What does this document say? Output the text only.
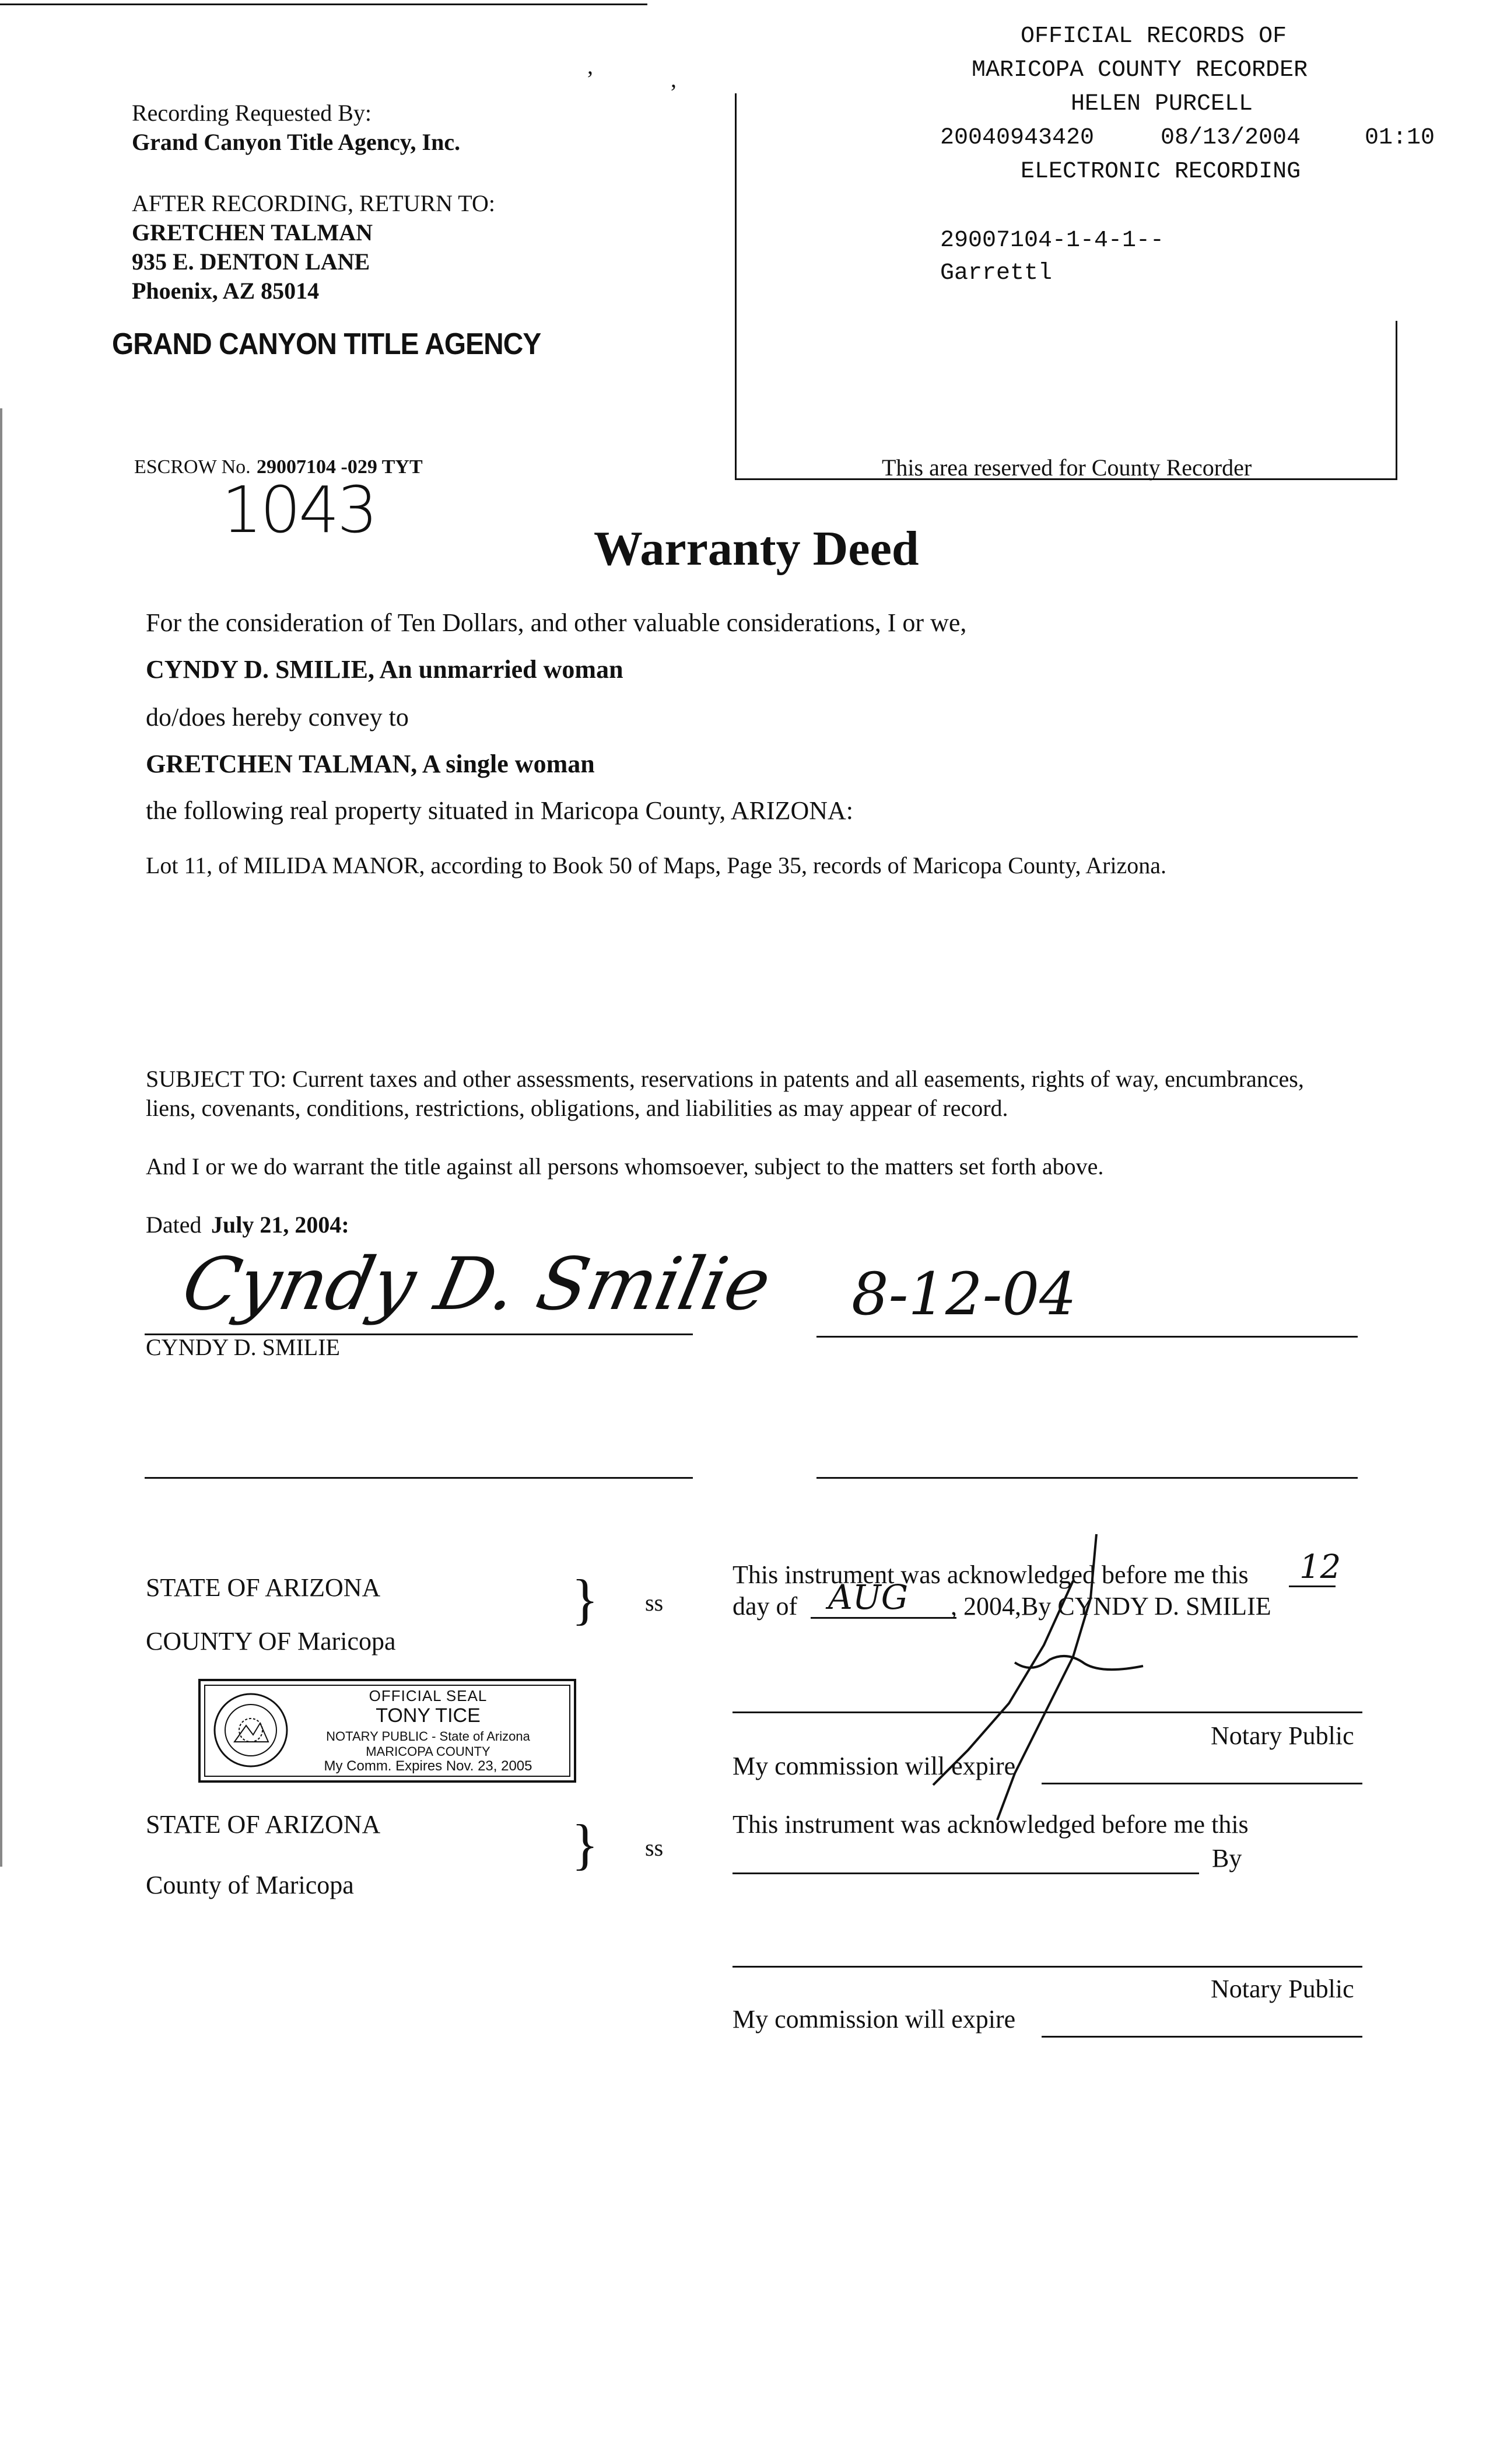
’	‚
OFFICIAL RECORDS OF
MARICOPA COUNTY RECORDER
HELEN PURCELL
20040943420	08/13/2004	01:10
ELECTRONIC RECORDING
29007104-1-4-1--
Garrettl
This area reserved for County Recorder
Recording Requested By:
Grand Canyon Title Agency, Inc.
AFTER RECORDING, RETURN TO:
GRETCHEN TALMAN
935 E. DENTON LANE
Phoenix, AZ 85014
GRAND CANYON TITLE AGENCY
ESCROW No. 29007104 -029 TYT
1043
Warranty Deed
For the consideration of Ten Dollars, and other valuable considerations, I or we,
CYNDY D. SMILIE, An unmarried woman
do/does hereby convey to
GRETCHEN TALMAN, A single woman
the following real property situated in Maricopa County, ARIZONA:
Lot 11, of MILIDA MANOR, according to Book 50 of Maps, Page 35, records of Maricopa County, Arizona.
SUBJECT TO: Current taxes and other assessments, reservations in patents and all easements, rights of way, encumbrances,
liens, covenants, conditions, restrictions, obligations, and liabilities as may appear of record.
And I or we do warrant the title against all persons whomsoever, subject to the matters set forth above.
Dated July 21, 2004:
Cyndy D. Smilie
CYNDY D. SMILIE
8-12-04
STATE OF ARIZONA
COUNTY OF Maricopa
} ss
This instrument was acknowledged before me this 12
day of AUG , 2004,By CYNDY D. SMILIE
Notary Public
My commission will expire
OFFICIAL SEAL
TONY TICE
NOTARY PUBLIC - State of Arizona
MARICOPA COUNTY
My Comm. Expires Nov. 23, 2005
STATE OF ARIZONA
County of Maricopa
} ss
This instrument was acknowledged before me this
By
Notary Public
My commission will expire
